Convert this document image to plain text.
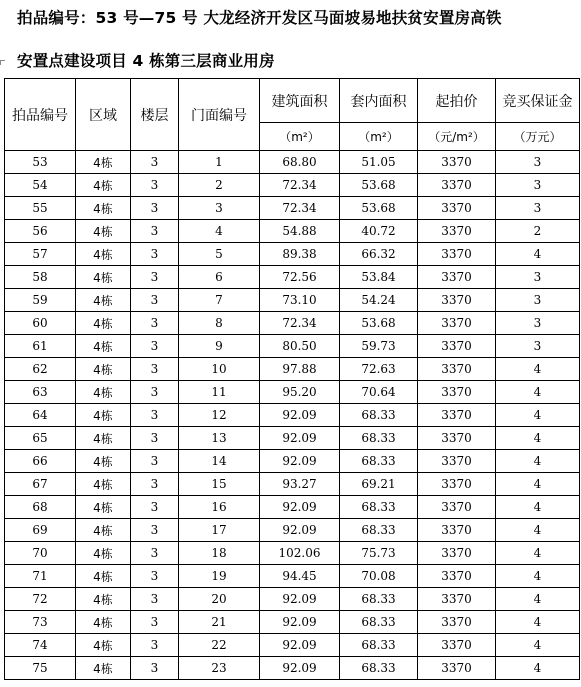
拍品编号：53 号—75 号 大龙经济开发区马面坡易地扶贫安置房高铁
安置点建设项目 4 栋第三层商业用房
拍品编号	区域	楼层	门面编号	建筑面积	套内面积	起拍价	竞买保证金
				（m²）	（m²）	（元/m²）	（万元）
53	4栋	3	1	68.80	51.05	3370	3
54	4栋	3	2	72.34	53.68	3370	3
55	4栋	3	3	72.34	53.68	3370	3
56	4栋	3	4	54.88	40.72	3370	2
57	4栋	3	5	89.38	66.32	3370	4
58	4栋	3	6	72.56	53.84	3370	3
59	4栋	3	7	73.10	54.24	3370	3
60	4栋	3	8	72.34	53.68	3370	3
61	4栋	3	9	80.50	59.73	3370	3
62	4栋	3	10	97.88	72.63	3370	4
63	4栋	3	11	95.20	70.64	3370	4
64	4栋	3	12	92.09	68.33	3370	4
65	4栋	3	13	92.09	68.33	3370	4
66	4栋	3	14	92.09	68.33	3370	4
67	4栋	3	15	93.27	69.21	3370	4
68	4栋	3	16	92.09	68.33	3370	4
69	4栋	3	17	92.09	68.33	3370	4
70	4栋	3	18	102.06	75.73	3370	4
71	4栋	3	19	94.45	70.08	3370	4
72	4栋	3	20	92.09	68.33	3370	4
73	4栋	3	21	92.09	68.33	3370	4
74	4栋	3	22	92.09	68.33	3370	4
75	4栋	3	23	92.09	68.33	3370	4
